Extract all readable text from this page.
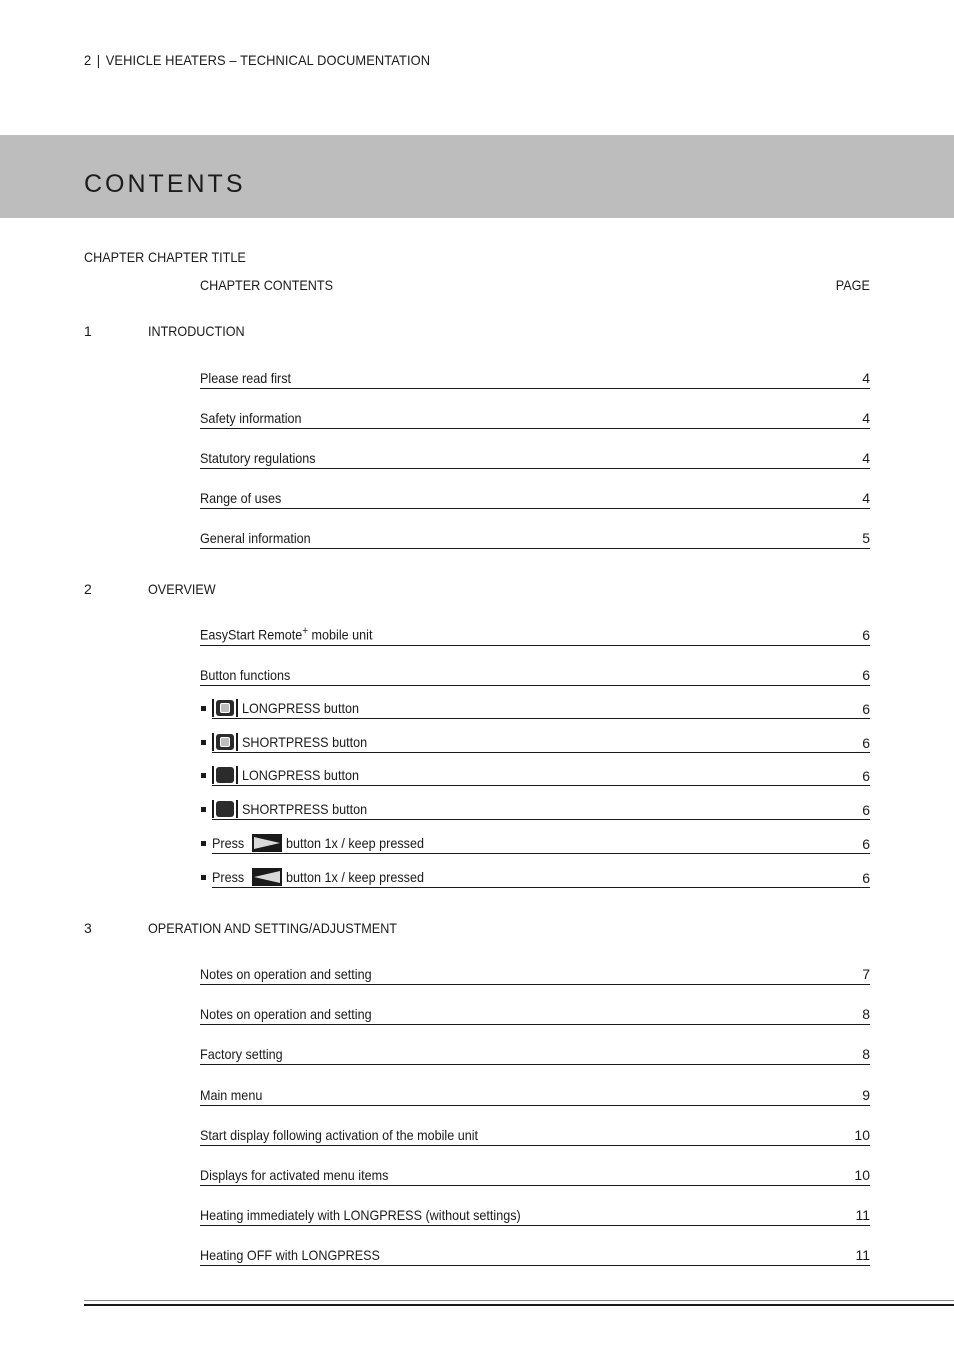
2 | VEHICLE HEATERS – TECHNICAL DOCUMENTATION
CONTENTS
CHAPTER CHAPTER TITLE
CHAPTER CONTENTS	PAGE
1	INTRODUCTION
Please read first	4
Safety information	4
Statutory regulations	4
Range of uses	4
General information	5
2	OVERVIEW
EasyStart Remote+ mobile unit	6
Button functions	6
LONGPRESS button	6
SHORTPRESS button	6
LONGPRESS button	6
SHORTPRESS button	6
Press	button 1x / keep pressed	6
Press	button 1x / keep pressed	6
3	OPERATION AND SETTING/ADJUSTMENT
Notes on operation and setting	7
Notes on operation and setting	8
Factory setting	8
Main menu	9
Start display following activation of the mobile unit	10
Displays for activated menu items	10
Heating immediately with LONGPRESS (without settings)	11
Heating OFF with LONGPRESS	11
